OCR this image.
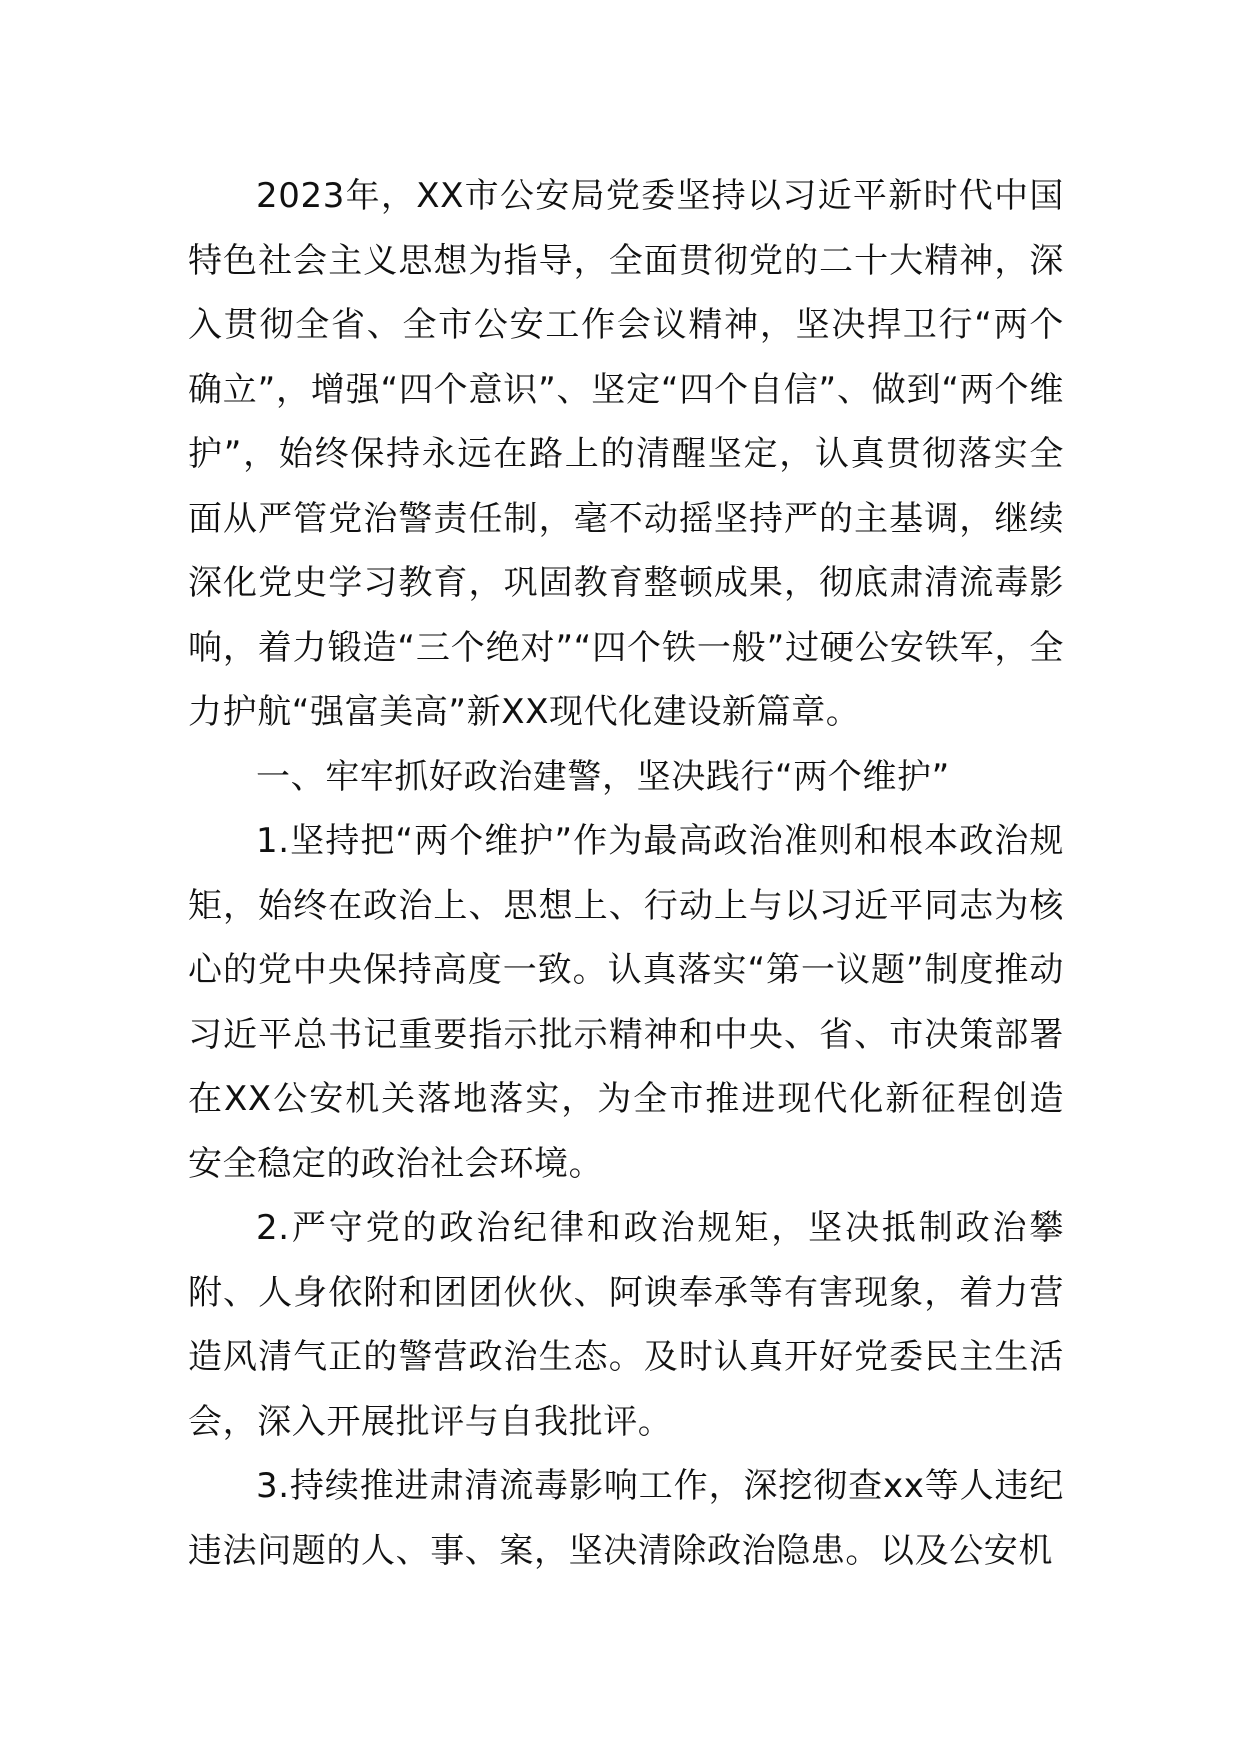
2023年，XX市公安局党委坚持以习近平新时代中国特色社会主义思想为指导，全面贯彻党的二十大精神，深入贯彻全省、全市公安工作会议精神，坚决捍卫行“两个确立”，增强“四个意识”、坚定“四个自信”、做到“两个维护”，始终保持永远在路上的清醒坚定，认真贯彻落实全面从严管党治警责任制，毫不动摇坚持严的主基调，继续深化党史学习教育，巩固教育整顿成果，彻底肃清流毒影响，着力锻造“三个绝对”“四个铁一般”过硬公安铁军，全力护航“强富美高”新XX现代化建设新篇章。

一、牢牢抓好政治建警，坚决践行“两个维护”

1.坚持把“两个维护”作为最高政治准则和根本政治规矩，始终在政治上、思想上、行动上与以习近平同志为核心的党中央保持高度一致。认真落实“第一议题”制度推动习近平总书记重要指示批示精神和中央、省、市决策部署在XX公安机关落地落实，为全市推进现代化新征程创造安全稳定的政治社会环境。

2.严守党的政治纪律和政治规矩，坚决抵制政治攀附、人身依附和团团伙伙、阿谀奉承等有害现象，着力营造风清气正的警营政治生态。及时认真开好党委民主生活会，深入开展批评与自我批评。

3.持续推进肃清流毒影响工作，深挖彻查xx等人违纪违法问题的人、事、案，坚决清除政治隐患。以及公安机
